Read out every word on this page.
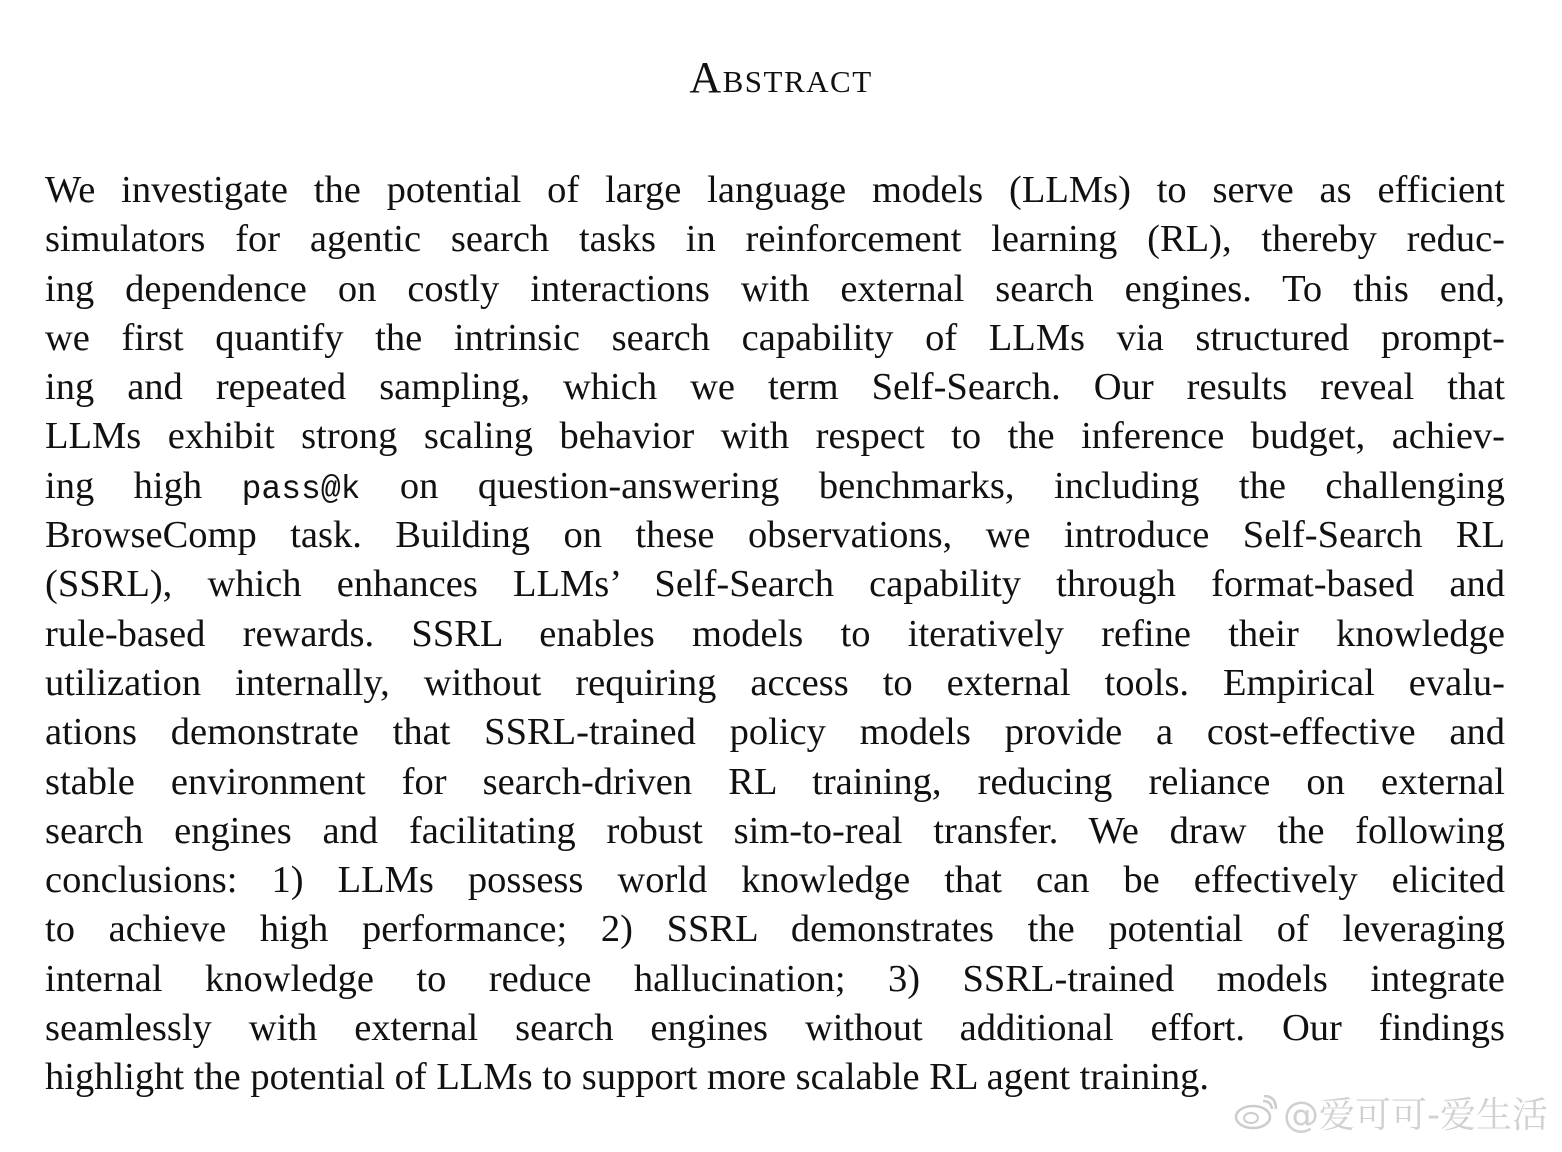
Abstract
We investigate the potential of large language models (LLMs) to serve as efficient
simulators for agentic search tasks in reinforcement learning (RL), thereby reduc-
ing dependence on costly interactions with external search engines. To this end,
we first quantify the intrinsic search capability of LLMs via structured prompt-
ing and repeated sampling, which we term Self-Search. Our results reveal that
LLMs exhibit strong scaling behavior with respect to the inference budget, achiev-
ing high pass@k on question-answering benchmarks, including the challenging
BrowseComp task. Building on these observations, we introduce Self-Search RL
(SSRL), which enhances LLMs’ Self-Search capability through format-based and
rule-based rewards. SSRL enables models to iteratively refine their knowledge
utilization internally, without requiring access to external tools. Empirical evalu-
ations demonstrate that SSRL-trained policy models provide a cost-effective and
stable environment for search-driven RL training, reducing reliance on external
search engines and facilitating robust sim-to-real transfer. We draw the following
conclusions: 1) LLMs possess world knowledge that can be effectively elicited
to achieve high performance; 2) SSRL demonstrates the potential of leveraging
internal knowledge to reduce hallucination; 3) SSRL-trained models integrate
seamlessly with external search engines without additional effort. Our findings
highlight the potential of LLMs to support more scalable RL agent training.
@爱可可-爱生活
